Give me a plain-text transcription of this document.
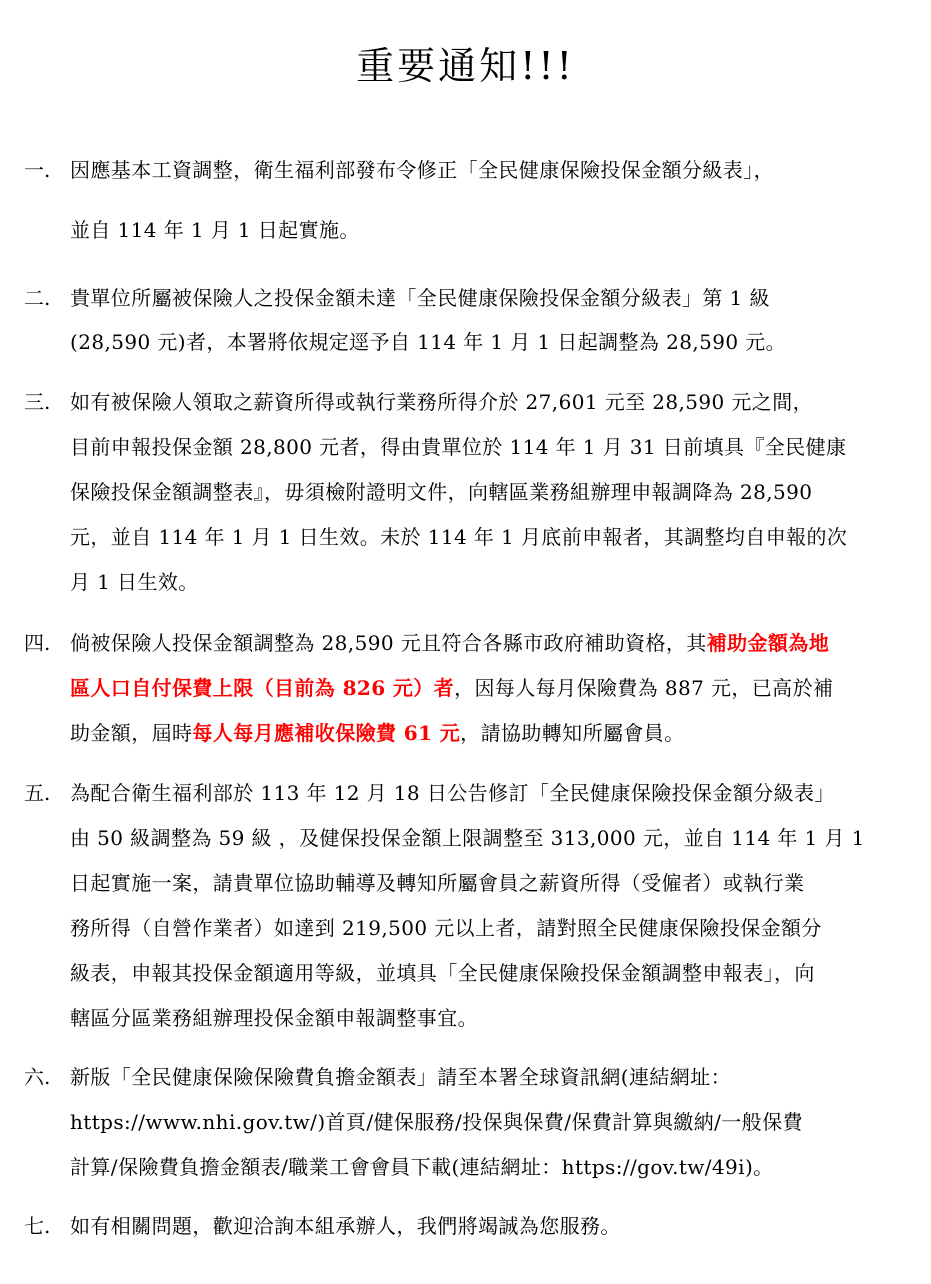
重要通知!!!
一. 因應基本工資調整，衛生福利部發布令修正「全民健康保險投保金額分級表」，
並自 114 年 1 月 1 日起實施。
二. 貴單位所屬被保險人之投保金額未達「全民健康保險投保金額分級表」第 1 級
(28,590 元)者，本署將依規定逕予自 114 年 1 月 1 日起調整為 28,590 元。
三. 如有被保險人領取之薪資所得或執行業務所得介於 27,601 元至 28,590 元之間，
目前申報投保金額 28,800 元者，得由貴單位於 114 年 1 月 31 日前填具『全民健康
保險投保金額調整表』，毋須檢附證明文件，向轄區業務組辦理申報調降為 28,590
元，並自 114 年 1 月 1 日生效。未於 114 年 1 月底前申報者，其調整均自申報的次
月 1 日生效。
四. 倘被保險人投保金額調整為 28,590 元且符合各縣市政府補助資格，其補助金額為地
區人口自付保費上限（目前為 826 元）者，因每人每月保險費為 887 元，已高於補
助金額，屆時每人每月應補收保險費 61 元，請協助轉知所屬會員。
五. 為配合衛生福利部於 113 年 12 月 18 日公告修訂「全民健康保險投保金額分級表」
由 50 級調整為 59 級 ，及健保投保金額上限調整至 313,000 元，並自 114 年 1 月 1
日起實施一案，請貴單位協助輔導及轉知所屬會員之薪資所得（受僱者）或執行業
務所得（自營作業者）如達到 219,500 元以上者，請對照全民健康保險投保金額分
級表，申報其投保金額適用等級，並填具「全民健康保險投保金額調整申報表」，向
轄區分區業務組辦理投保金額申報調整事宜。
六. 新版「全民健康保險保險費負擔金額表」請至本署全球資訊網(連結網址：
https://www.nhi.gov.tw/)首頁/健保服務/投保與保費/保費計算與繳納/一般保費
計算/保險費負擔金額表/職業工會會員下載(連結網址：https://gov.tw/49i)。
七. 如有相關問題，歡迎洽詢本組承辦人，我們將竭誠為您服務。
